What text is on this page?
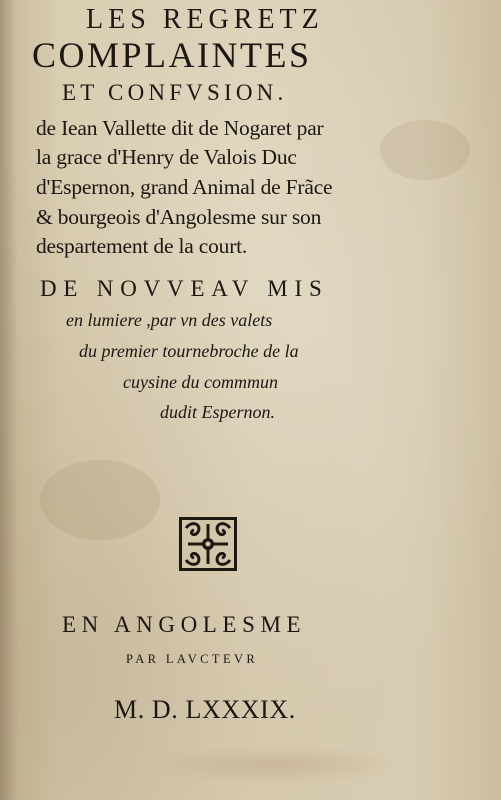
LES REGRETZ
COMPLAINTES
ET CONFVSION.
de Iean Vallette dit de Nogaret par
la grace d'Henry de Valois Duc
d'Espernon, grand Animal de Frãce
& bourgeois d'Angolesme sur son
despartement de la court.
DE NOVVEAV MIS
en lumiere ,par vn des valets
du premier tournebroche de la
cuysine du commmun
dudit Espernon.
EN ANGOLESME
PAR LAVCTEVR
M. D. LXXXIX.
